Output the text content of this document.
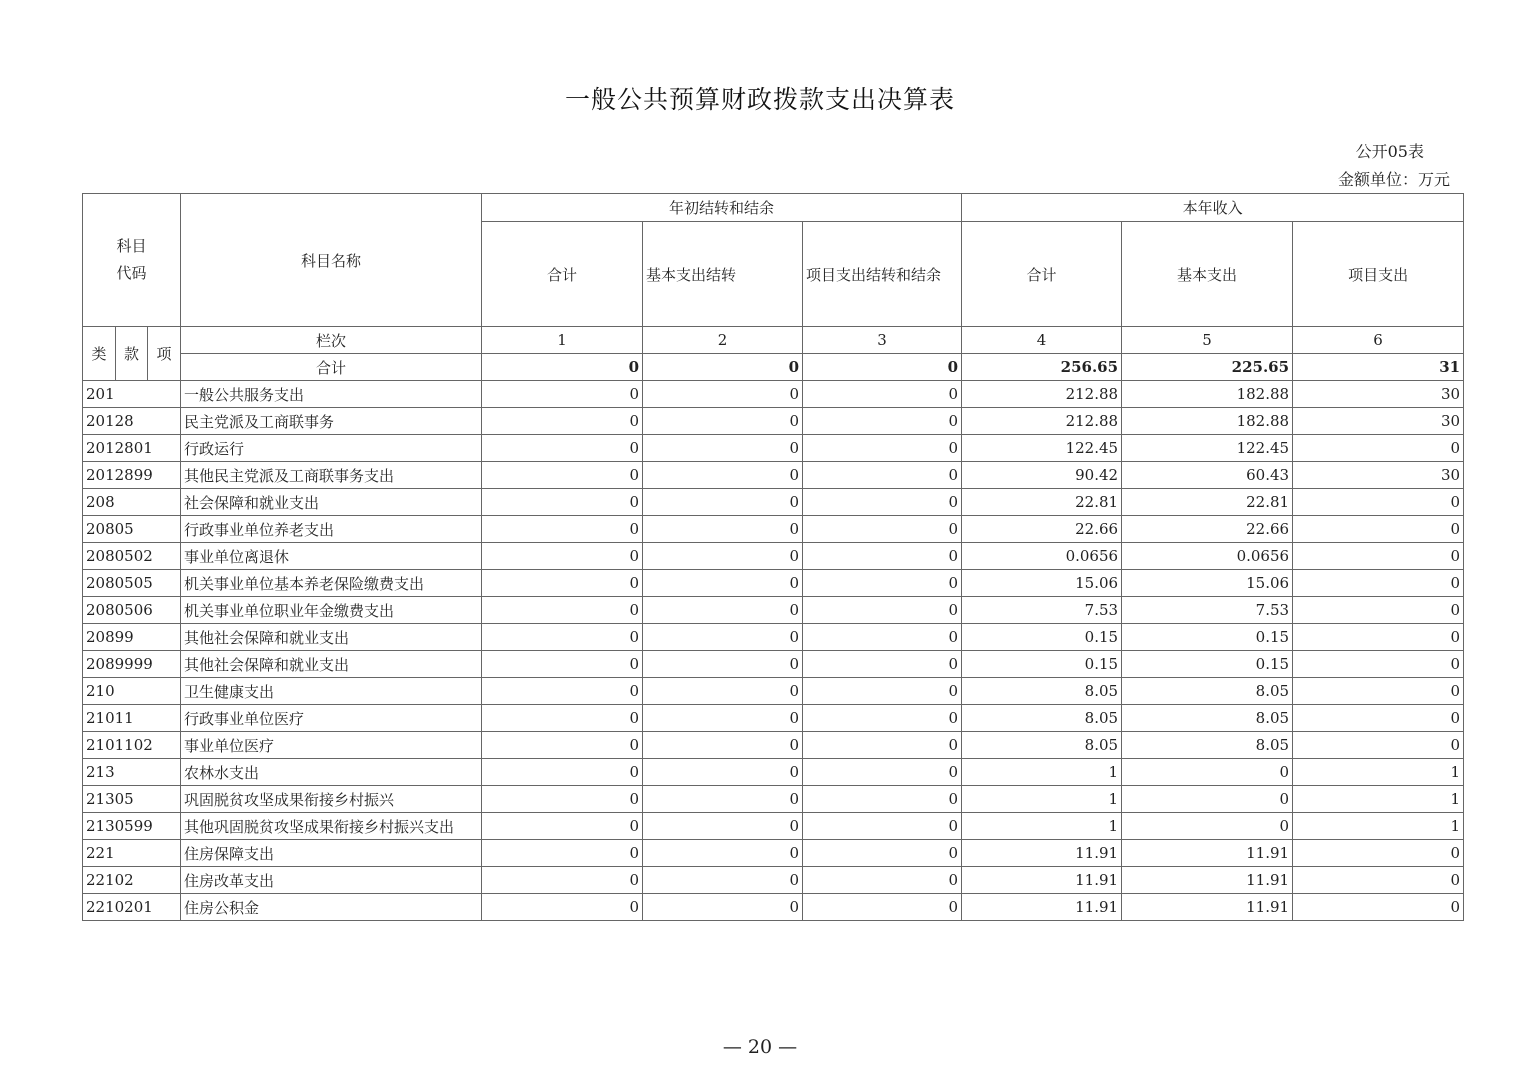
一般公共预算财政拨款支出决算表
公开05表
金额单位：万元
科目
代码			科目名称	年初结转和结余			本年收入		
				合计	基本支出结转	项目支出结转和结余	合计	基本支出	项目支出
类	款	项	栏次	1	2	3	4	5	6
			合计	0	0	0	256.65	225.65	31
201			一般公共服务支出	0	0	0	212.88	182.88	30
20128			民主党派及工商联事务	0	0	0	212.88	182.88	30
2012801			行政运行	0	0	0	122.45	122.45	0
2012899			其他民主党派及工商联事务支出	0	0	0	90.42	60.43	30
208			社会保障和就业支出	0	0	0	22.81	22.81	0
20805			行政事业单位养老支出	0	0	0	22.66	22.66	0
2080502			事业单位离退休	0	0	0	0.0656	0.0656	0
2080505			机关事业单位基本养老保险缴费支出	0	0	0	15.06	15.06	0
2080506			机关事业单位职业年金缴费支出	0	0	0	7.53	7.53	0
20899			其他社会保障和就业支出	0	0	0	0.15	0.15	0
2089999			其他社会保障和就业支出	0	0	0	0.15	0.15	0
210			卫生健康支出	0	0	0	8.05	8.05	0
21011			行政事业单位医疗	0	0	0	8.05	8.05	0
2101102			事业单位医疗	0	0	0	8.05	8.05	0
213			农林水支出	0	0	0	1	0	1
21305			巩固脱贫攻坚成果衔接乡村振兴	0	0	0	1	0	1
2130599			其他巩固脱贫攻坚成果衔接乡村振兴支出	0	0	0	1	0	1
221			住房保障支出	0	0	0	11.91	11.91	0
22102			住房改革支出	0	0	0	11.91	11.91	0
2210201			住房公积金	0	0	0	11.91	11.91	0
— 20 —
